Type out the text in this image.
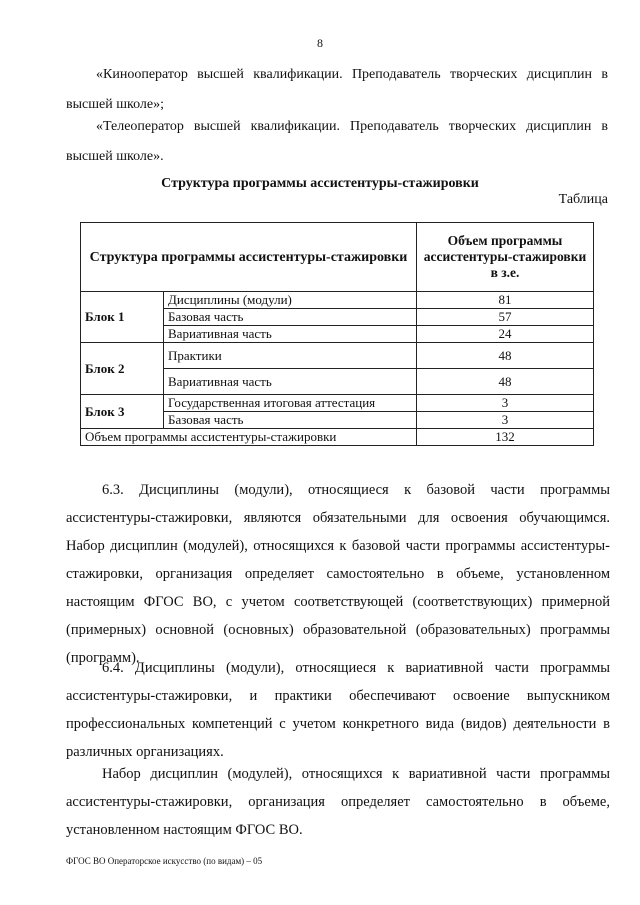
8
«Кинооператор высшей квалификации. Преподаватель творческих дисциплин в высшей школе»;
«Телеоператор высшей квалификации. Преподаватель творческих дисциплин в высшей школе».
Структура программы ассистентуры-стажировки
Таблица
Структура программы ассистентуры-стажировки		Объем программы ассистентуры-стажировки в з.е.
Блок 1	Дисциплины (модули)	81
	Базовая часть	57
	Вариативная часть	24
Блок 2	Практики	48
	Вариативная часть	48
Блок 3	Государственная итоговая аттестация	3
	Базовая часть	3
Объем программы ассистентуры-стажировки		132
6.3. Дисциплины (модули), относящиеся к базовой части программы ассистентуры-стажировки, являются обязательными для освоения обучающимся. Набор дисциплин (модулей), относящихся к базовой части программы ассистентуры-стажировки, организация определяет самостоятельно в объеме, установленном настоящим ФГОС ВО, с учетом соответствующей (соответствующих) примерной (примерных) основной (основных) образовательной (образовательных) программы (программ).
6.4. Дисциплины (модули), относящиеся к вариативной части программы ассистентуры-стажировки, и практики обеспечивают освоение выпускником профессиональных компетенций с учетом конкретного вида (видов) деятельности в различных организациях.
Набор дисциплин (модулей), относящихся к вариативной части программы ассистентуры-стажировки, организация определяет самостоятельно в объеме, установленном настоящим ФГОС ВО.
ФГОС ВО Операторское искусство (по видам) – 05
